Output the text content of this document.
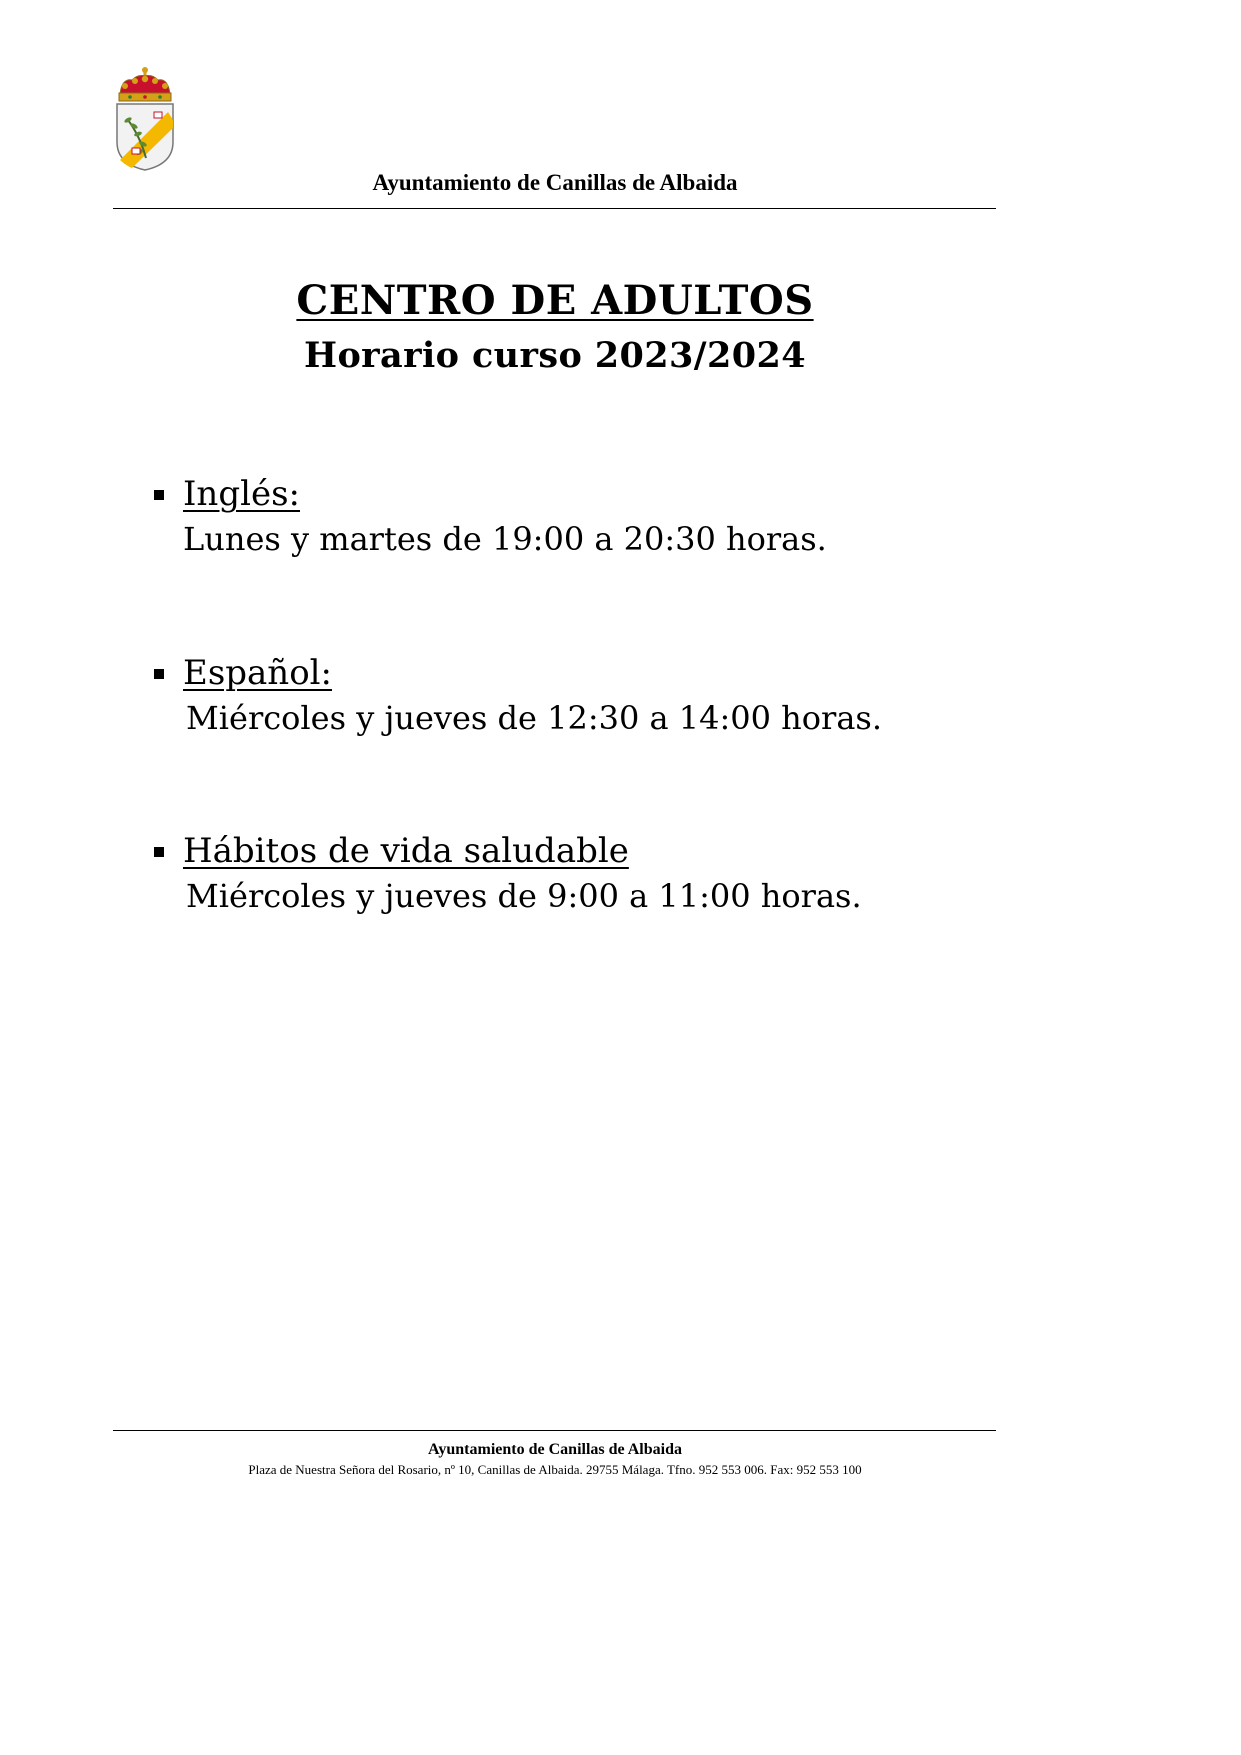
Ayuntamiento de Canillas de Albaida
CENTRO DE ADULTOS
Horario curso 2023/2024
Inglés:
Lunes y martes de 19:00 a 20:30 horas.
Español:
Miércoles y jueves de 12:30 a 14:00 horas.
Hábitos de vida saludable
Miércoles y jueves de 9:00 a 11:00 horas.
Ayuntamiento de Canillas de Albaida
Plaza de Nuestra Señora del Rosario, nº 10, Canillas de Albaida. 29755 Málaga. Tfno. 952 553 006. Fax: 952 553 100
